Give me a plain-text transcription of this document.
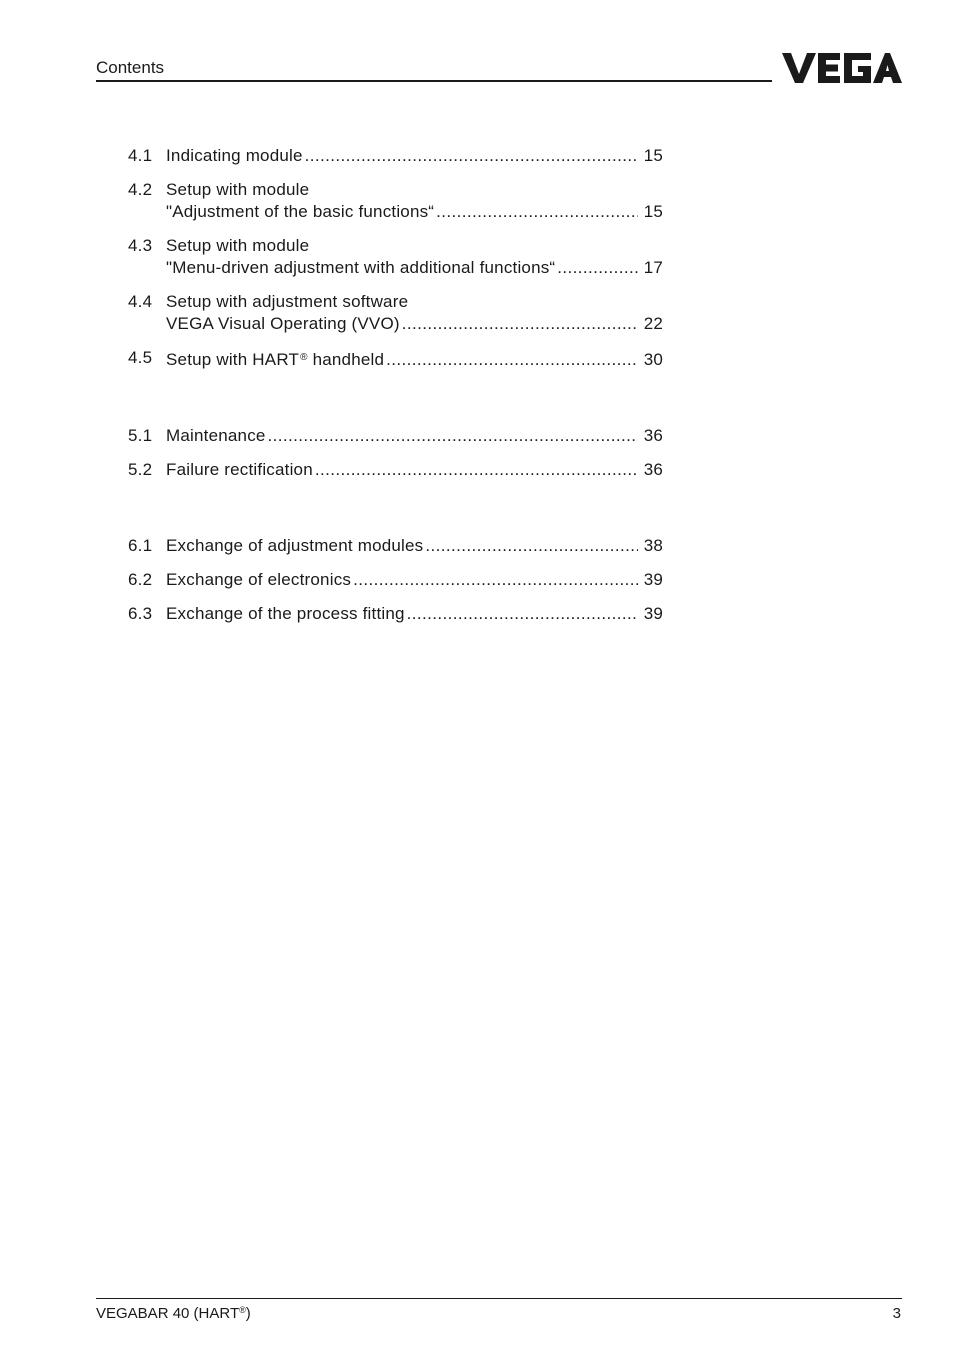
Contents
4.1 Indicating module .....	15
4.2 Setup with module
"Adjustment of the basic functions“ .....	15
4.3 Setup with module
"Menu-driven adjustment with additional functions“ .....	17
4.4 Setup with adjustment software
VEGA Visual Operating (VVO) .....	22
4.5 Setup with HART® handheld .....	30
5.1 Maintenance .....	36
5.2 Failure rectification .....	36
6.1 Exchange of adjustment modules .....	38
6.2 Exchange of electronics .....	39
6.3 Exchange of the process fitting .....	39
VEGABAR 40 (HART®)	3
